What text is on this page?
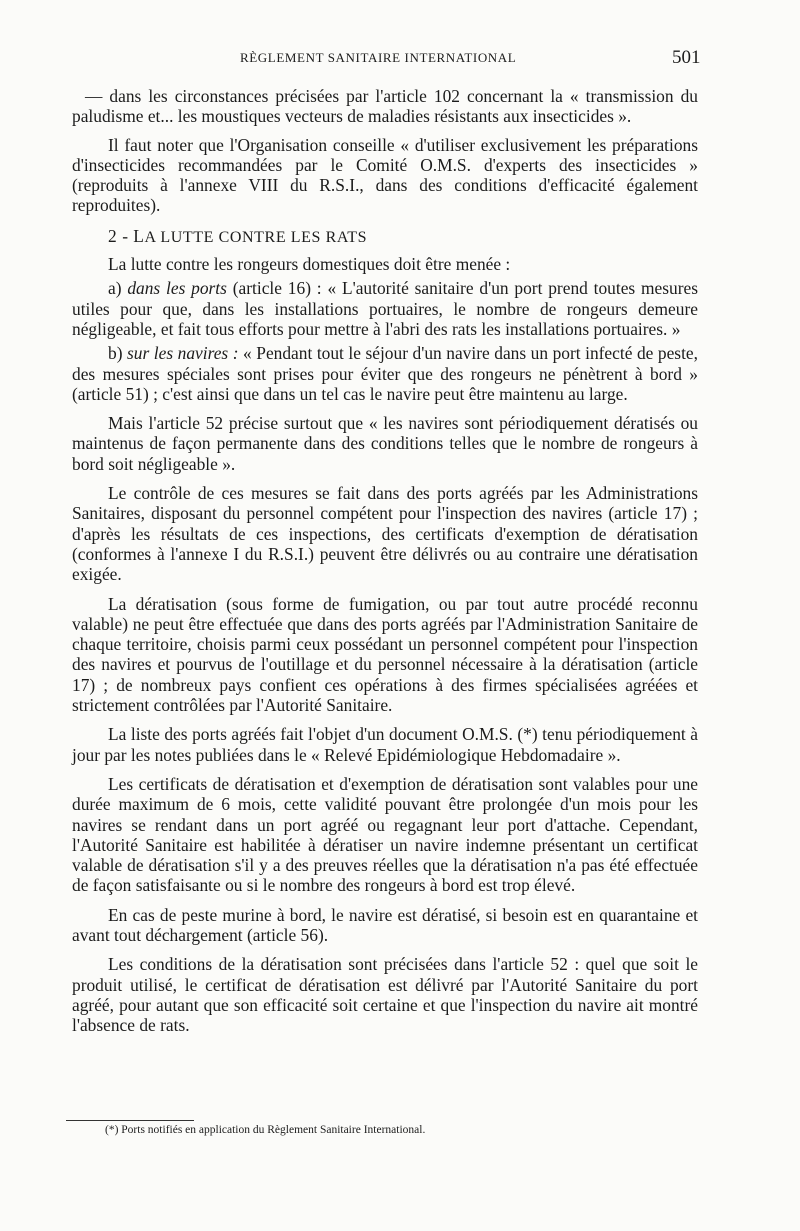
RÈGLEMENT SANITAIRE INTERNATIONAL	501

— dans les circonstances précisées par l'article 102 concernant la « transmission du paludisme et... les moustiques vecteurs de maladies résistants aux insecticides ».

Il faut noter que l'Organisation conseille « d'utiliser exclusivement les préparations d'insecticides recommandées par le Comité O.M.S. d'experts des insecticides » (reproduits à l'annexe VIII du R.S.I., dans des conditions d'efficacité également reproduites).

2 - LA LUTTE CONTRE LES RATS

La lutte contre les rongeurs domestiques doit être menée :

a) dans les ports (article 16) : « L'autorité sanitaire d'un port prend toutes mesures utiles pour que, dans les installations portuaires, le nombre de rongeurs demeure négligeable, et fait tous efforts pour mettre à l'abri des rats les installations portuaires. »

b) sur les navires : « Pendant tout le séjour d'un navire dans un port infecté de peste, des mesures spéciales sont prises pour éviter que des rongeurs ne pénètrent à bord » (article 51) ; c'est ainsi que dans un tel cas le navire peut être maintenu au large.

Mais l'article 52 précise surtout que « les navires sont périodiquement dératisés ou maintenus de façon permanente dans des conditions telles que le nombre de rongeurs à bord soit négligeable ».

Le contrôle de ces mesures se fait dans des ports agréés par les Administrations Sanitaires, disposant du personnel compétent pour l'inspection des navires (article 17) ; d'après les résultats de ces inspections, des certificats d'exemption de dératisation (conformes à l'annexe I du R.S.I.) peuvent être délivrés ou au contraire une dératisation exigée.

La dératisation (sous forme de fumigation, ou par tout autre procédé reconnu valable) ne peut être effectuée que dans des ports agréés par l'Administration Sanitaire de chaque territoire, choisis parmi ceux possédant un personnel compétent pour l'inspection des navires et pourvus de l'outillage et du personnel nécessaire à la dératisation (article 17) ; de nombreux pays confient ces opérations à des firmes spécialisées agréées et strictement contrôlées par l'Autorité Sanitaire.

La liste des ports agréés fait l'objet d'un document O.M.S. (*) tenu périodiquement à jour par les notes publiées dans le « Relevé Epidémiologique Hebdomadaire ».

Les certificats de dératisation et d'exemption de dératisation sont valables pour une durée maximum de 6 mois, cette validité pouvant être prolongée d'un mois pour les navires se rendant dans un port agréé ou regagnant leur port d'attache. Cependant, l'Autorité Sanitaire est habilitée à dératiser un navire indemne présentant un certificat valable de dératisation s'il y a des preuves réelles que la dératisation n'a pas été effectuée de façon satisfaisante ou si le nombre des rongeurs à bord est trop élevé.

En cas de peste murine à bord, le navire est dératisé, si besoin est en quarantaine et avant tout déchargement (article 56).

Les conditions de la dératisation sont précisées dans l'article 52 : quel que soit le produit utilisé, le certificat de dératisation est délivré par l'Autorité Sanitaire du port agréé, pour autant que son efficacité soit certaine et que l'inspection du navire ait montré l'absence de rats.

(*) Ports notifiés en application du Règlement Sanitaire International.
